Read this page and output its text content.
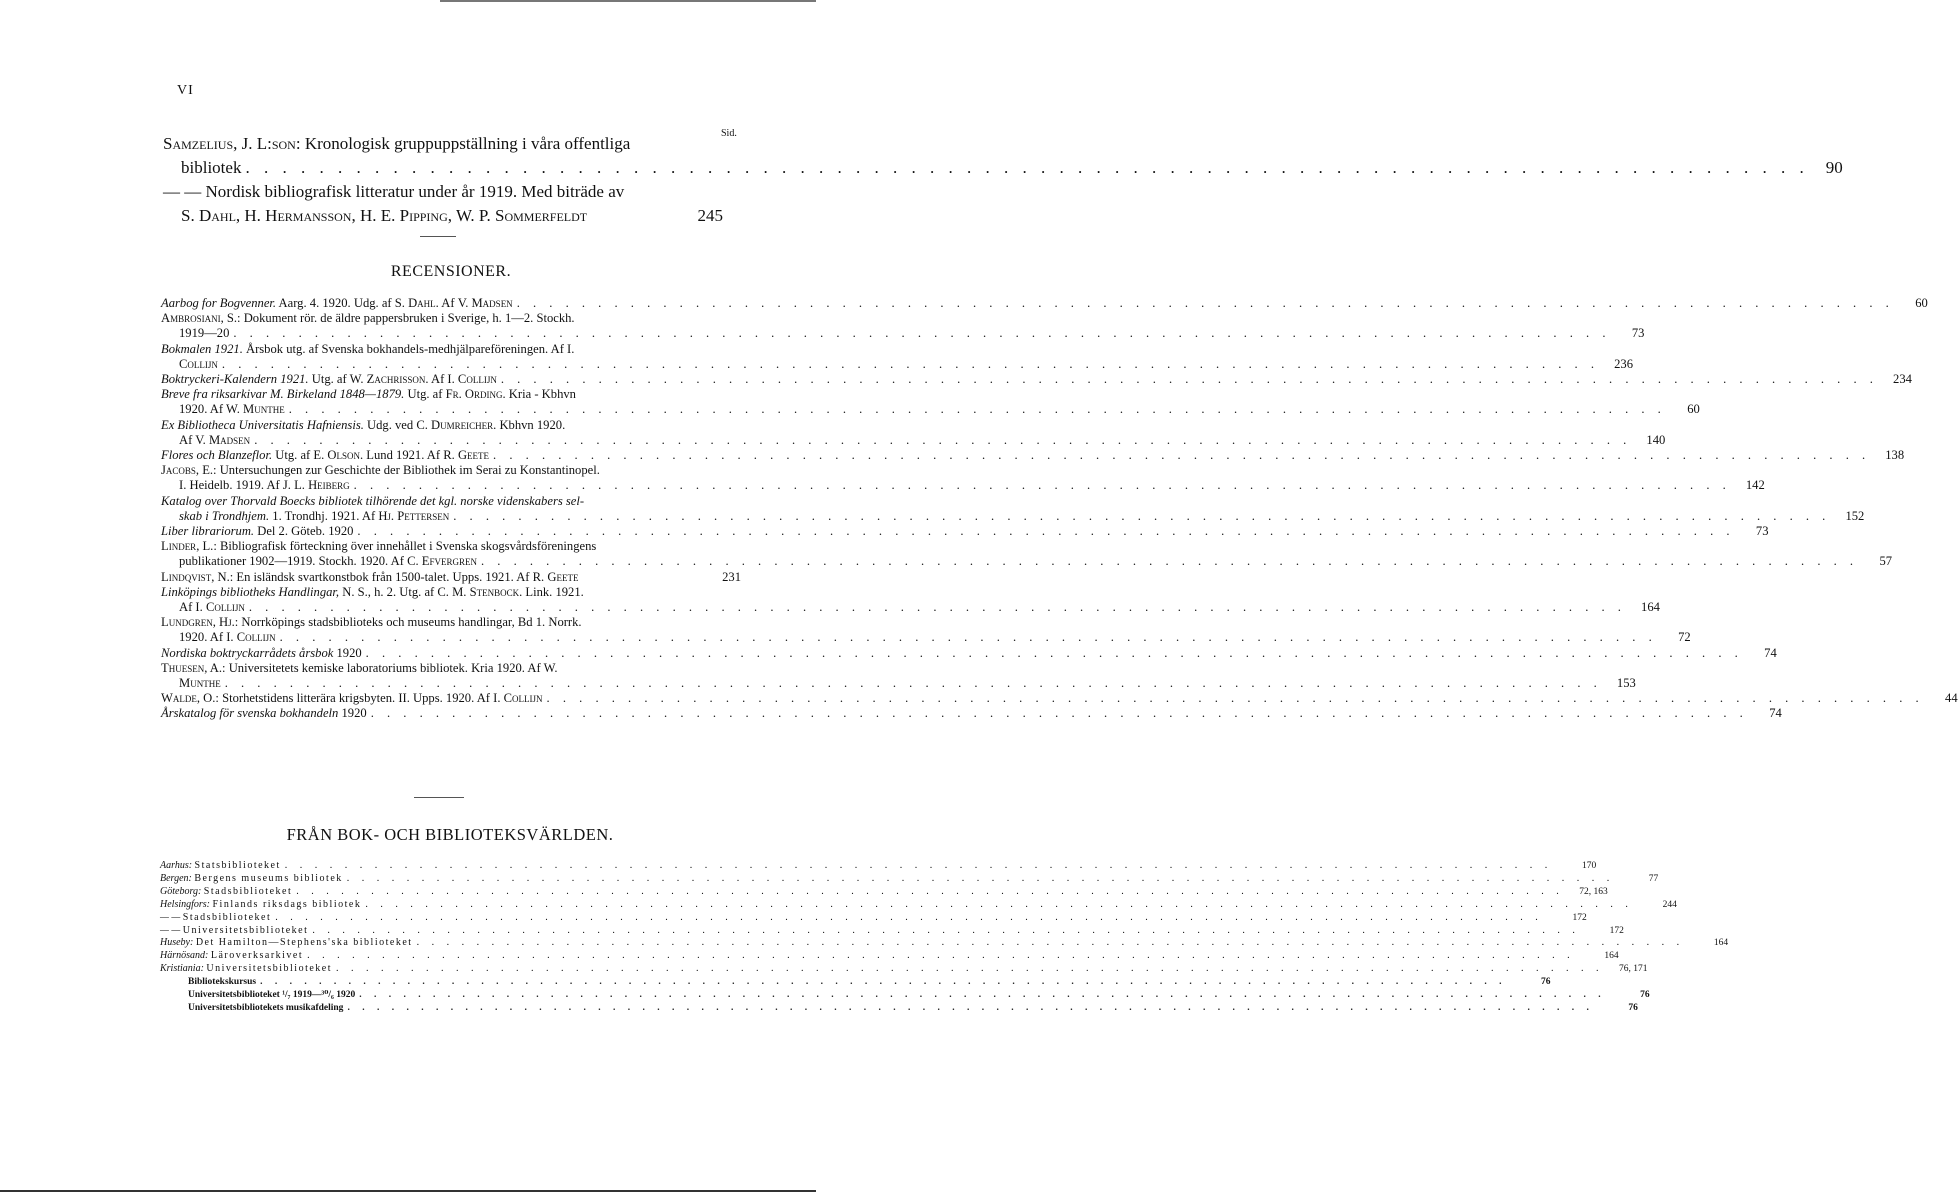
VI
Sid.
Samzelius, J. L:son: Kronologisk gruppuppställning i våra offentliga
bibliotek . . . . . . . . . . . . . . . . . . . . . . . . . . . . . . . . . . . . . . . . . . . . . . . . . . . . . . . . . . . . . . . . . . . . . . . . . . . . . . . . . . . . .	90
— — Nordisk bibliografisk litteratur under år 1919. Med biträde av
S. Dahl, H. Hermansson, H. E. Pipping, W. P. Sommerfeldt	245
RECENSIONER.
Aarbog for Bogvenner. Aarg. 4. 1920. Udg. af S. Dahl. Af V. Madsen . . . . . . . . . . . . . . . . . . . . . . . . . . . . . . . . . . . . . . . . . . . . . . . . . . . . . . . . . . . . . . . . . . . . . . . . . . . . . . . . . . . . .	60
Ambrosiani, S.: Dokument rör. de äldre pappersbruken i Sverige, h. 1—2. Stockh.
1919—20 . . . . . . . . . . . . . . . . . . . . . . . . . . . . . . . . . . . . . . . . . . . . . . . . . . . . . . . . . . . . . . . . . . . . . . . . . . . . . . . . . . . . .	73
Bokmalen 1921. Årsbok utg. af Svenska bokhandels-medhjälpareföreningen. Af I.
Collijn . . . . . . . . . . . . . . . . . . . . . . . . . . . . . . . . . . . . . . . . . . . . . . . . . . . . . . . . . . . . . . . . . . . . . . . . . . . . . . . . . . . . .	236
Boktryckeri-Kalendern 1921. Utg. af W. Zachrisson. Af I. Collijn . . . . . . . . . . . . . . . . . . . . . . . . . . . . . . . . . . . . . . . . . . . . . . . . . . . . . . . . . . . . . . . . . . . . . . . . . . . . . . . . . . . . .	234
Breve fra riksarkivar M. Birkeland 1848—1879. Utg. af Fr. Ording. Kria - Kbhvn
1920. Af W. Munthe . . . . . . . . . . . . . . . . . . . . . . . . . . . . . . . . . . . . . . . . . . . . . . . . . . . . . . . . . . . . . . . . . . . . . . . . . . . . . . . . . . . . .	60
Ex Bibliotheca Universitatis Hafniensis. Udg. ved C. Dumreicher. Kbhvn 1920.
Af V. Madsen . . . . . . . . . . . . . . . . . . . . . . . . . . . . . . . . . . . . . . . . . . . . . . . . . . . . . . . . . . . . . . . . . . . . . . . . . . . . . . . . . . . . .	140
Flores och Blanzeflor. Utg. af E. Olson. Lund 1921. Af R. Geete . . . . . . . . . . . . . . . . . . . . . . . . . . . . . . . . . . . . . . . . . . . . . . . . . . . . . . . . . . . . . . . . . . . . . . . . . . . . . . . . . . . . .	138
Jacobs, E.: Untersuchungen zur Geschichte der Bibliothek im Serai zu Konstantinopel.
I. Heidelb. 1919. Af J. L. Heiberg . . . . . . . . . . . . . . . . . . . . . . . . . . . . . . . . . . . . . . . . . . . . . . . . . . . . . . . . . . . . . . . . . . . . . . . . . . . . . . . . . . . . .	142
Katalog over Thorvald Boecks bibliotek tilhörende det kgl. norske videnskabers sel-
skab i Trondhjem. 1. Trondhj. 1921. Af Hj. Pettersen . . . . . . . . . . . . . . . . . . . . . . . . . . . . . . . . . . . . . . . . . . . . . . . . . . . . . . . . . . . . . . . . . . . . . . . . . . . . . . . . . . . . .	152
Liber librariorum. Del 2. Göteb. 1920 . . . . . . . . . . . . . . . . . . . . . . . . . . . . . . . . . . . . . . . . . . . . . . . . . . . . . . . . . . . . . . . . . . . . . . . . . . . . . . . . . . . . .	73
Linder, L.: Bibliografisk förteckning över innehållet i Svenska skogsvårdsföreningens
publikationer 1902—1919. Stockh. 1920. Af C. Efvergren . . . . . . . . . . . . . . . . . . . . . . . . . . . . . . . . . . . . . . . . . . . . . . . . . . . . . . . . . . . . . . . . . . . . . . . . . . . . . . . . . . . . .	57
Lindqvist, N.: En isländsk svartkonstbok från 1500-talet. Upps. 1921. Af R. Geete	231
Linköpings bibliotheks Handlingar, N. S., h. 2. Utg. af C. M. Stenbock. Link. 1921.
Af I. Collijn . . . . . . . . . . . . . . . . . . . . . . . . . . . . . . . . . . . . . . . . . . . . . . . . . . . . . . . . . . . . . . . . . . . . . . . . . . . . . . . . . . . . .	164
Lundgren, Hj.: Norrköpings stadsbiblioteks och museums handlingar, Bd 1. Norrk.
1920. Af I. Collijn . . . . . . . . . . . . . . . . . . . . . . . . . . . . . . . . . . . . . . . . . . . . . . . . . . . . . . . . . . . . . . . . . . . . . . . . . . . . . . . . . . . . .	72
Nordiska boktryckarrådets årsbok 1920 . . . . . . . . . . . . . . . . . . . . . . . . . . . . . . . . . . . . . . . . . . . . . . . . . . . . . . . . . . . . . . . . . . . . . . . . . . . . . . . . . . . . .	74
Thuesen, A.: Universitetets kemiske laboratoriums bibliotek. Kria 1920. Af W.
Munthe . . . . . . . . . . . . . . . . . . . . . . . . . . . . . . . . . . . . . . . . . . . . . . . . . . . . . . . . . . . . . . . . . . . . . . . . . . . . . . . . . . . . .	153
Walde, O.: Storhetstidens litterära krigsbyten. II. Upps. 1920. Af I. Collijn . . . . . . . . . . . . . . . . . . . . . . . . . . . . . . . . . . . . . . . . . . . . . . . . . . . . . . . . . . . . . . . . . . . . . . . . . . . . . . . . . . . . .	44
Årskatalog för svenska bokhandeln 1920 . . . . . . . . . . . . . . . . . . . . . . . . . . . . . . . . . . . . . . . . . . . . . . . . . . . . . . . . . . . . . . . . . . . . . . . . . . . . . . . . . . . . .	74
FRÅN BOK- OCH BIBLIOTEKSVÄRLDEN.
Aarhus: Statsbiblioteket . . . . . . . . . . . . . . . . . . . . . . . . . . . . . . . . . . . . . . . . . . . . . . . . . . . . . . . . . . . . . . . . . . . . . . . . . . . . . . . . . . . . .	170
Bergen: Bergens museums bibliotek . . . . . . . . . . . . . . . . . . . . . . . . . . . . . . . . . . . . . . . . . . . . . . . . . . . . . . . . . . . . . . . . . . . . . . . . . . . . . . . . . . . . .	77
Göteborg: Stadsbiblioteket . . . . . . . . . . . . . . . . . . . . . . . . . . . . . . . . . . . . . . . . . . . . . . . . . . . . . . . . . . . . . . . . . . . . . . . . . . . . . . . . . . . . .	72, 163
Helsingfors: Finlands riksdags bibliotek . . . . . . . . . . . . . . . . . . . . . . . . . . . . . . . . . . . . . . . . . . . . . . . . . . . . . . . . . . . . . . . . . . . . . . . . . . . . . . . . . . . . .	244
— — Stadsbiblioteket . . . . . . . . . . . . . . . . . . . . . . . . . . . . . . . . . . . . . . . . . . . . . . . . . . . . . . . . . . . . . . . . . . . . . . . . . . . . . . . . . . . . .	172
— — Universitetsbiblioteket . . . . . . . . . . . . . . . . . . . . . . . . . . . . . . . . . . . . . . . . . . . . . . . . . . . . . . . . . . . . . . . . . . . . . . . . . . . . . . . . . . . . .	172
Huseby: Det Hamilton—Stephens'ska biblioteket . . . . . . . . . . . . . . . . . . . . . . . . . . . . . . . . . . . . . . . . . . . . . . . . . . . . . . . . . . . . . . . . . . . . . . . . . . . . . . . . . . . . .	164
Härnösand: Läroverksarkivet . . . . . . . . . . . . . . . . . . . . . . . . . . . . . . . . . . . . . . . . . . . . . . . . . . . . . . . . . . . . . . . . . . . . . . . . . . . . . . . . . . . . .	164
Kristiania: Universitetsbiblioteket . . . . . . . . . . . . . . . . . . . . . . . . . . . . . . . . . . . . . . . . . . . . . . . . . . . . . . . . . . . . . . . . . . . . . . . . . . . . . . . . . . . . .	76, 171
Bibliotekskursus . . . . . . . . . . . . . . . . . . . . . . . . . . . . . . . . . . . . . . . . . . . . . . . . . . . . . . . . . . . . . . . . . . . . . . . . . . . . . . . . . . . . .	76
Universitetsbiblioteket ¹/₇ 1919—³⁰/₆ 1920 . . . . . . . . . . . . . . . . . . . . . . . . . . . . . . . . . . . . . . . . . . . . . . . . . . . . . . . . . . . . . . . . . . . . . . . . . . . . . . . . . . . . .	76
Universitetsbibliotekets musikafdeling . . . . . . . . . . . . . . . . . . . . . . . . . . . . . . . . . . . . . . . . . . . . . . . . . . . . . . . . . . . . . . . . . . . . . . . . . . . . . . . . . . . . .	76
